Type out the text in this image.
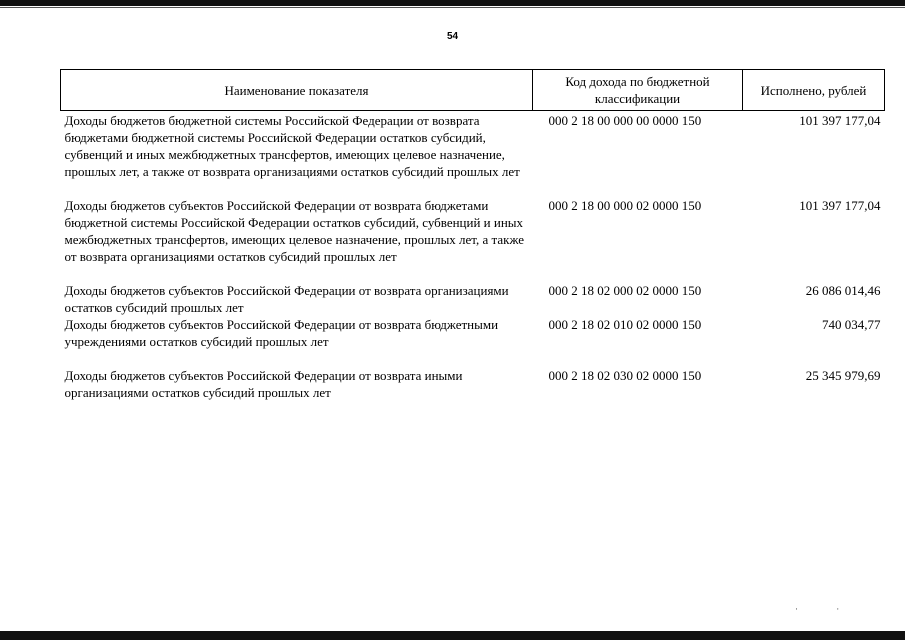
54
Наименование показателя	Код дохода по бюджетной классификации	Исполнено, рублей
Доходы бюджетов бюджетной системы Российской Федерации от возврата бюджетами бюджетной системы Российской Федерации остатков субсидий, субвенций и иных межбюджетных трансфертов, имеющих целевое назначение, прошлых лет, а также от возврата организациями остатков субсидий прошлых лет	000 2 18 00 000 00 0000 150	101 397 177,04
Доходы бюджетов субъектов Российской Федерации от возврата бюджетами бюджетной системы Российской Федерации остатков субсидий, субвенций и иных межбюджетных трансфертов, имеющих целевое назначение, прошлых лет, а также от возврата организациями остатков субсидий прошлых лет	000 2 18 00 000 02 0000 150	101 397 177,04
Доходы бюджетов субъектов Российской Федерации от возврата организациями остатков субсидий прошлых лет	000 2 18 02 000 02 0000 150	26 086 014,46
Доходы бюджетов субъектов Российской Федерации от возврата бюджетными учреждениями остатков субсидий прошлых лет	000 2 18 02 010 02 0000 150	740 034,77
Доходы бюджетов субъектов Российской Федерации от возврата иными организациями остатков субсидий прошлых лет	000 2 18 02 030 02 0000 150	25 345 979,69
· ·
